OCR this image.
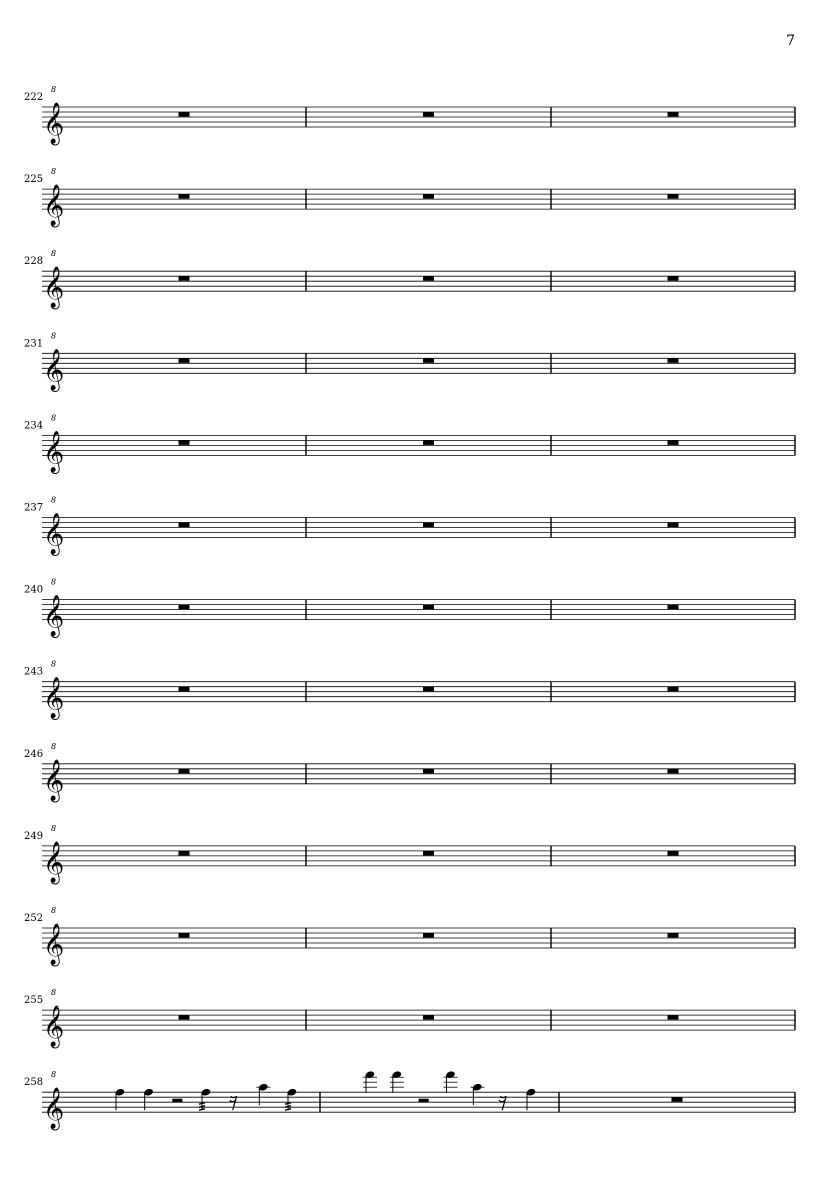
7
222
𝄞
8
225
𝄞
8
228
𝄞
8
231
𝄞
8
234
𝄞
8
237
𝄞
8
240
𝄞
8
243
𝄞
8
246
𝄞
8
249
𝄞
8
252
𝄞
8
255
𝄞
8
258
𝄞
8
